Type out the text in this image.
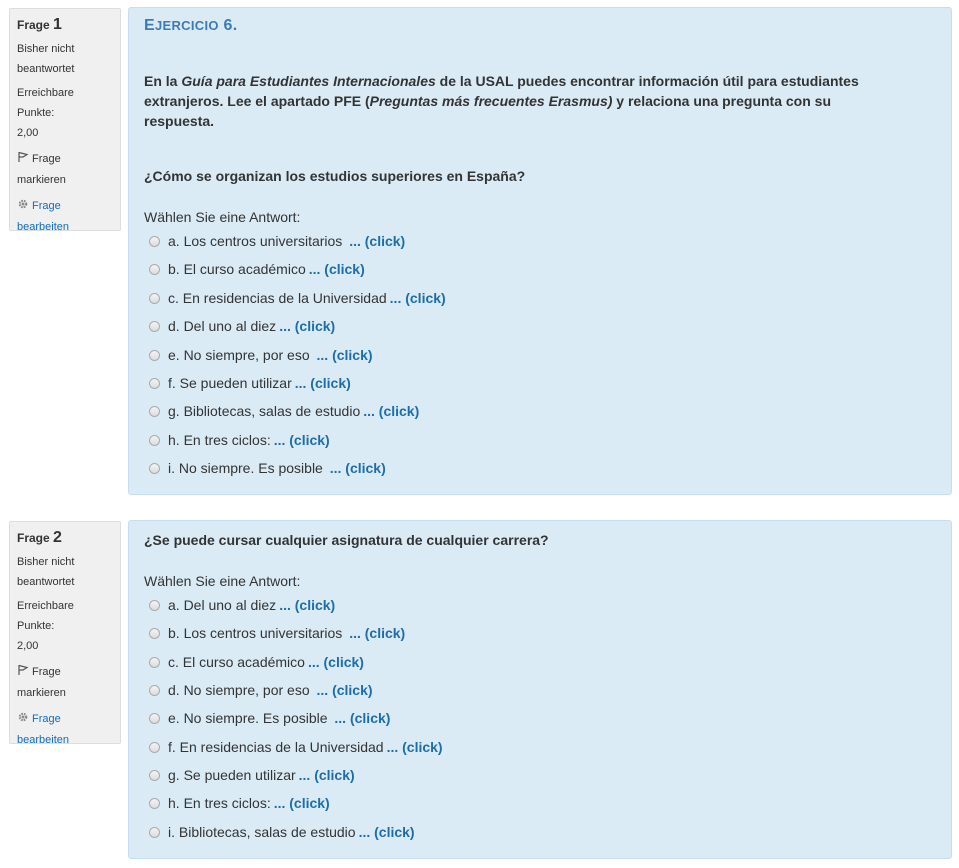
Frage 1
Bisher nicht
beantwortet
Erreichbare Punkte:
2,00
Frage
markieren
Frage
bearbeiten
EJERCICIO 6.
En la Guía para Estudiantes Internacionales de la USAL puedes encontrar información útil para estudiantes extranjeros. Lee el apartado PFE (Preguntas más frecuentes Erasmus) y relaciona una pregunta con su respuesta.
¿Cómo se organizan los estudios superiores en España?
Wählen Sie eine Antwort:
a. Los centros universitarios ... (click)
b. El curso académico ... (click)
c. En residencias de la Universidad ... (click)
d. Del uno al diez ... (click)
e. No siempre, por eso ... (click)
f. Se pueden utilizar ... (click)
g. Bibliotecas, salas de estudio ... (click)
h. En tres ciclos: ... (click)
i. No siempre. Es posible ... (click)
Frage 2
Bisher nicht
beantwortet
Erreichbare Punkte:
2,00
Frage
markieren
Frage
bearbeiten
¿Se puede cursar cualquier asignatura de cualquier carrera?
Wählen Sie eine Antwort:
a. Del uno al diez ... (click)
b. Los centros universitarios ... (click)
c. El curso académico ... (click)
d. No siempre, por eso ... (click)
e. No siempre. Es posible ... (click)
f. En residencias de la Universidad ... (click)
g. Se pueden utilizar ... (click)
h. En tres ciclos: ... (click)
i. Bibliotecas, salas de estudio ... (click)
